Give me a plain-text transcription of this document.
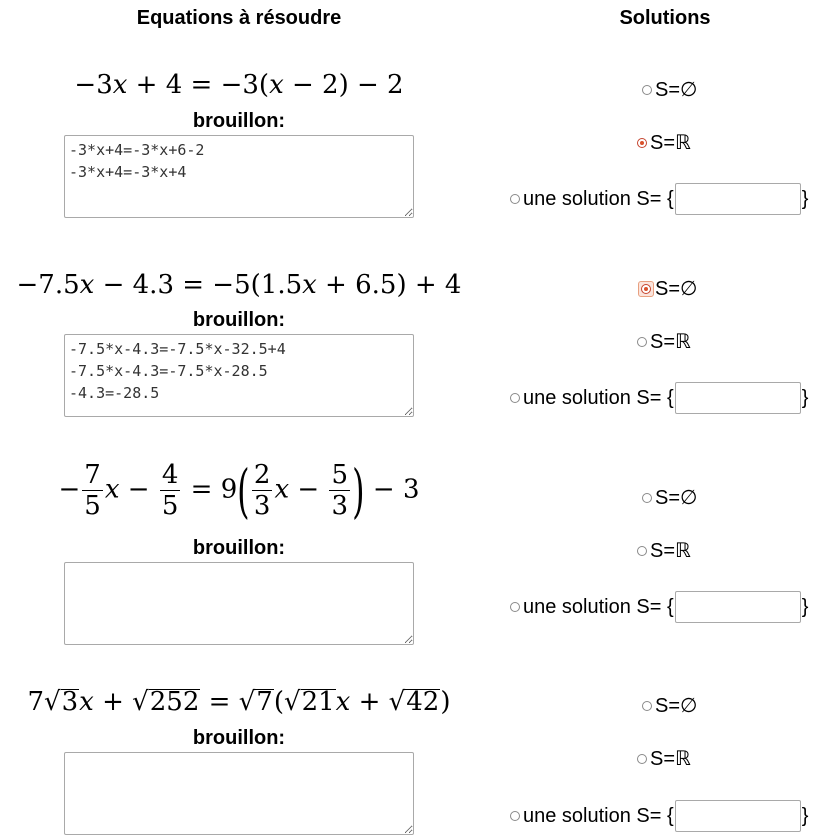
Equations à résoudre	Solutions
−3x + 4 = −3(x − 2) − 2
brouillon:
-3*x+4=-3*x+6-2 -3*x+4=-3*x+4
S=∅
S=ℝ
une solution S= {	}
−7.5x − 4.3 = −5(1.5x + 6.5) + 4
brouillon:
-7.5*x-4.3=-7.5*x-32.5+4 -7.5*x-4.3=-7.5*x-28.5 -4.3=-28.5
S=∅
S=ℝ
une solution S= {	}
− $\frac{7}{5}$ $x - \frac{4}{5} = 9( \frac{2}{3}$ $x - \frac{5}{3}$ ) − 3
brouillon:
S=∅
S=ℝ
une solution S= {	}
7√3x + √252 = √7(√21x + √42)
brouillon:
S=∅
S=ℝ
une solution S= {	}
